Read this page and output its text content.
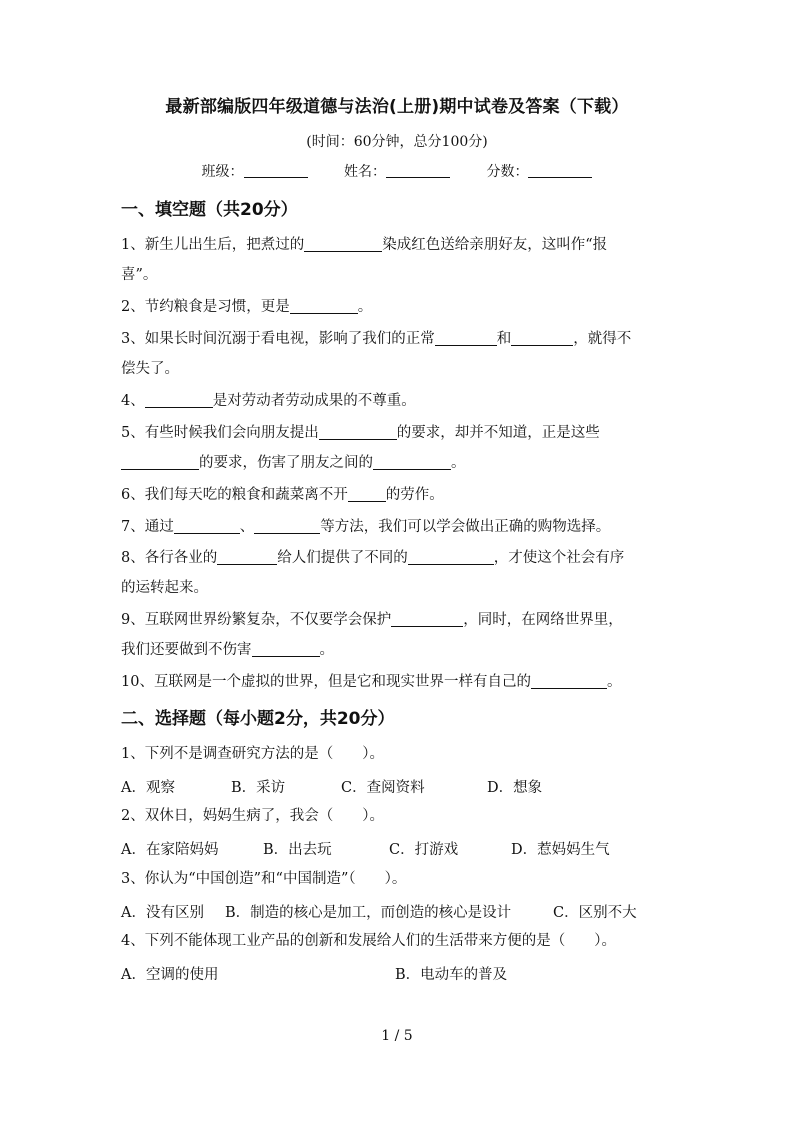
最新部编版四年级道德与法治(上册)期中试卷及答案（下载）
(时间：60分钟，总分100分)
班级：	姓名：	分数：
一、填空题（共20分）
1、新生儿出生后，把煮过的	染成红色送给亲朋好友，这叫作“报
喜”。
2、节约粮食是习惯，更是	。
3、如果长时间沉溺于看电视，影响了我们的正常	和	，就得不
偿失了。
4、	是对劳动者劳动成果的不尊重。
5、有些时候我们会向朋友提出	的要求，却并不知道，正是这些
的要求，伤害了朋友之间的	。
6、我们每天吃的粮食和蔬菜离不开	的劳作。
7、通过	、	等方法，我们可以学会做出正确的购物选择。
8、各行各业的	给人们提供了不同的	，才使这个社会有序
的运转起来。
9、互联网世界纷繁复杂，不仅要学会保护	，同时，在网络世界里，
我们还要做到不伤害	。
10、互联网是一个虚拟的世界，但是它和现实世界一样有自己的	。
二、选择题（每小题2分，共20分）
1、下列不是调查研究方法的是（　　）。
A．观察	B．采访	C．查阅资料	D．想象
2、双休日，妈妈生病了，我会（　　）。
A．在家陪妈妈	B．出去玩	C．打游戏	D．惹妈妈生气
3、你认为“中国创造”和“中国制造”（　　）。
A．没有区别 B．制造的核心是加工，而创造的核心是设计	C．区别不大
4、下列不能体现工业产品的创新和发展给人们的生活带来方便的是（　　）。
A．空调的使用	B．电动车的普及
1 / 5
